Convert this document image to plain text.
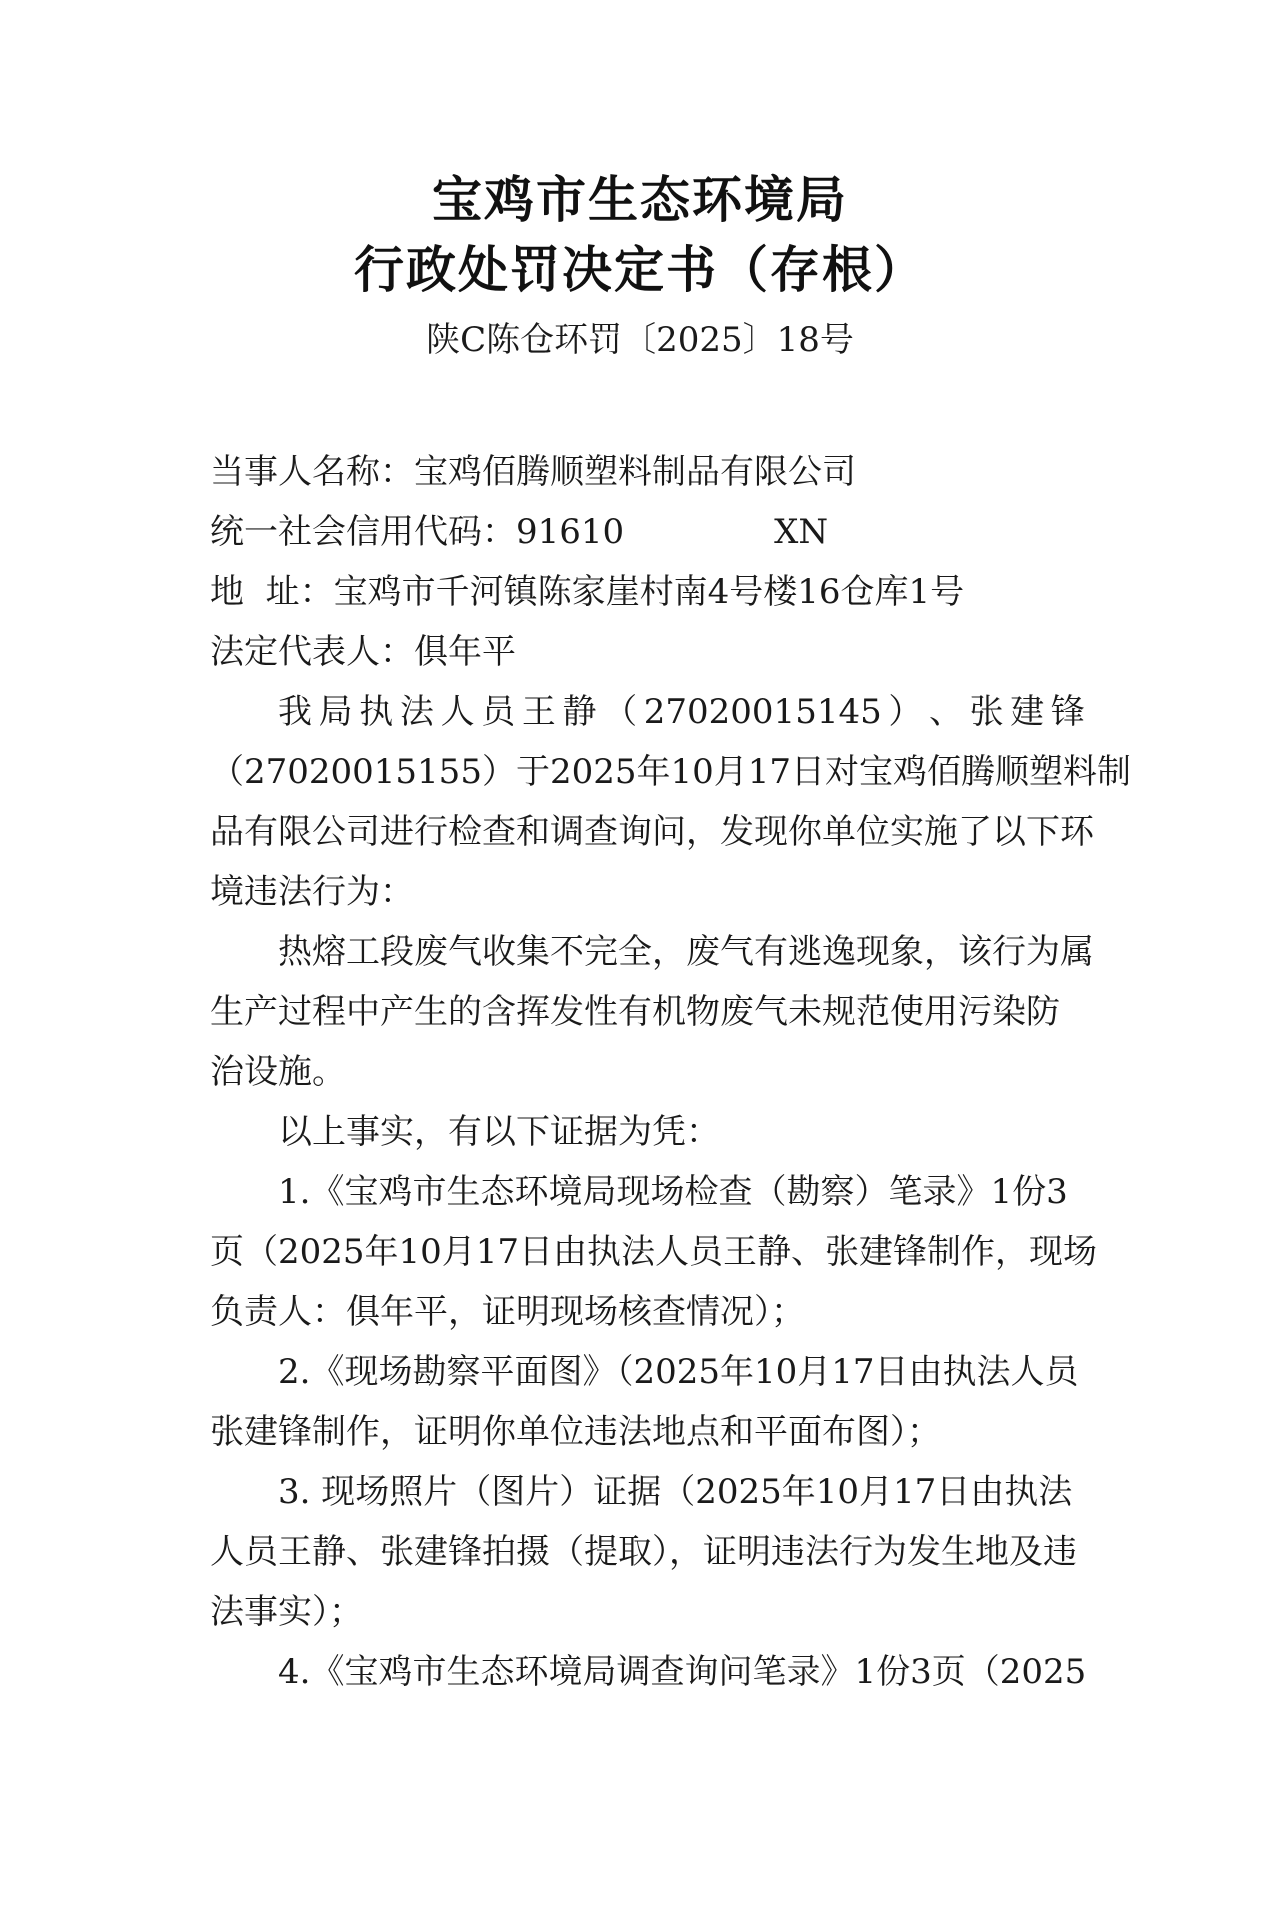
宝鸡市生态环境局
行政处罚决定书（存根）
陕C陈仓环罚〔2025〕18号
当事人名称：宝鸡佰腾顺塑料制品有限公司
统一社会信用代码：91610	XN
地  址：宝鸡市千河镇陈家崖村南4号楼16仓库1号
法定代表人：俱年平
我 局 执 法 人 员 王 静 （ 27020015145 ） 、 张 建 锋
（27020015155）于2025年10月17日对宝鸡佰腾顺塑料制
品有限公司进行检查和调查询问，发现你单位实施了以下环
境违法行为：
热熔工段废气收集不完全，废气有逃逸现象，该行为属
生产过程中产生的含挥发性有机物废气未规范使用污染防
治设施。
以上事实，有以下证据为凭：
1.《宝鸡市生态环境局现场检查（勘察）笔录》1份3
页（2025年10月17日由执法人员王静、张建锋制作，现场
负责人：俱年平，证明现场核查情况）；
2.《现场勘察平面图》（2025年10月17日由执法人员
张建锋制作，证明你单位违法地点和平面布图）；
3. 现场照片（图片）证据（2025年10月17日由执法
人员王静、张建锋拍摄（提取），证明违法行为发生地及违
法事实）；
4.《宝鸡市生态环境局调查询问笔录》1份3页（2025
